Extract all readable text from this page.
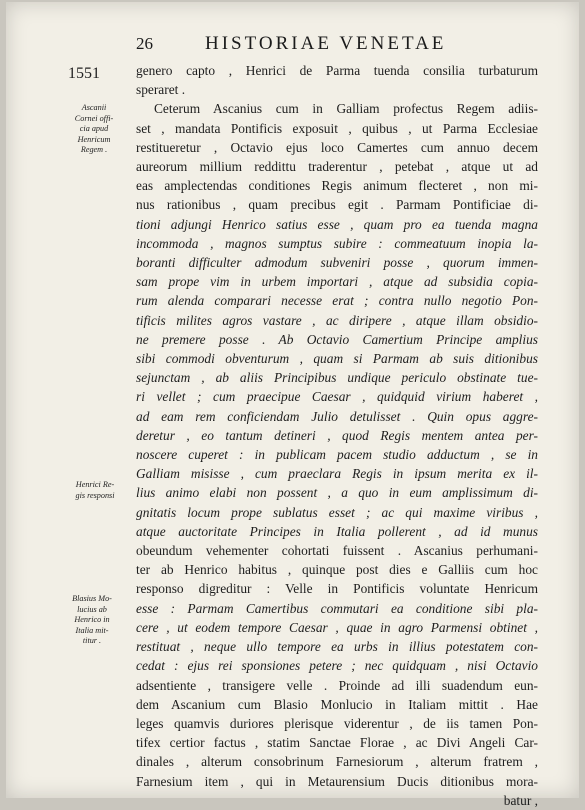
26	HISTORIAE VENETAE
1551
Ascanii
Cornei offi-
cia apud
Henricum
Regem .
Henrici Re-
gis responsi
Blasius Mo-
lucius ab
Henrico in
Italia mit-
titur .
genero capto , Henrici de Parma tuenda consilia turbaturum
speraret .
Ceterum Ascanius cum in Galliam profectus Regem adiis-
set , mandata Pontificis exposuit , quibus , ut Parma Ecclesiae
restitueretur , Octavio ejus loco Camertes cum annuo decem
aureorum millium reddittu traderentur , petebat , atque ut ad
eas amplectendas conditiones Regis animum flecteret , non mi-
nus rationibus , quam precibus egit . Parmam Pontificiae di-
tioni adjungi Henrico satius esse , quam pro ea tuenda magna
incommoda , magnos sumptus subire : commeatuum inopia la-
boranti difficulter admodum subveniri posse , quorum immen-
sam prope vim in urbem importari , atque ad subsidia copia-
rum alenda comparari necesse erat ; contra nullo negotio Pon-
tificis milites agros vastare , ac diripere , atque illam obsidio-
ne premere posse . Ab Octavio Camertium Principe amplius
sibi commodi obventurum , quam si Parmam ab suis ditionibus
sejunctam , ab aliis Principibus undique periculo obstinate tue-
ri vellet ; cum praecipue Caesar , quidquid virium haberet ,
ad eam rem conficiendam Julio detulisset . Quin opus aggre-
deretur , eo tantum detineri , quod Regis mentem antea per-
noscere cuperet : in publicam pacem studio adductum , se in
Galliam misisse , cum praeclara Regis in ipsum merita ex il-
lius animo elabi non possent , a quo in eum amplissimum di-
gnitatis locum prope sublatus esset ; ac qui maxime viribus ,
atque auctoritate Principes in Italia pollerent , ad id munus
obeundum vehementer cohortati fuissent . Ascanius perhumani-
ter ab Henrico habitus , quinque post dies e Galliis cum hoc
responso digreditur : Velle in Pontificis voluntate Henricum
esse : Parmam Camertibus commutari ea conditione sibi pla-
cere , ut eodem tempore Caesar , quae in agro Parmensi obtinet ,
restituat , neque ullo tempore ea urbs in illius potestatem con-
cedat : ejus rei sponsiones petere ; nec quidquam , nisi Octavio
adsentiente , transigere velle . Proinde ad illi suadendum eun-
dem Ascanium cum Blasio Monlucio in Italiam mittit . Hae
leges quamvis duriores plerisque viderentur , de iis tamen Pon-
tifex certior factus , statim Sanctae Florae , ac Divi Angeli Car-
dinales , alterum consobrinum Farnesiorum , alterum fratrem ,
Farnesium item , qui in Metaurensium Ducis ditionibus mora-
batur ,
